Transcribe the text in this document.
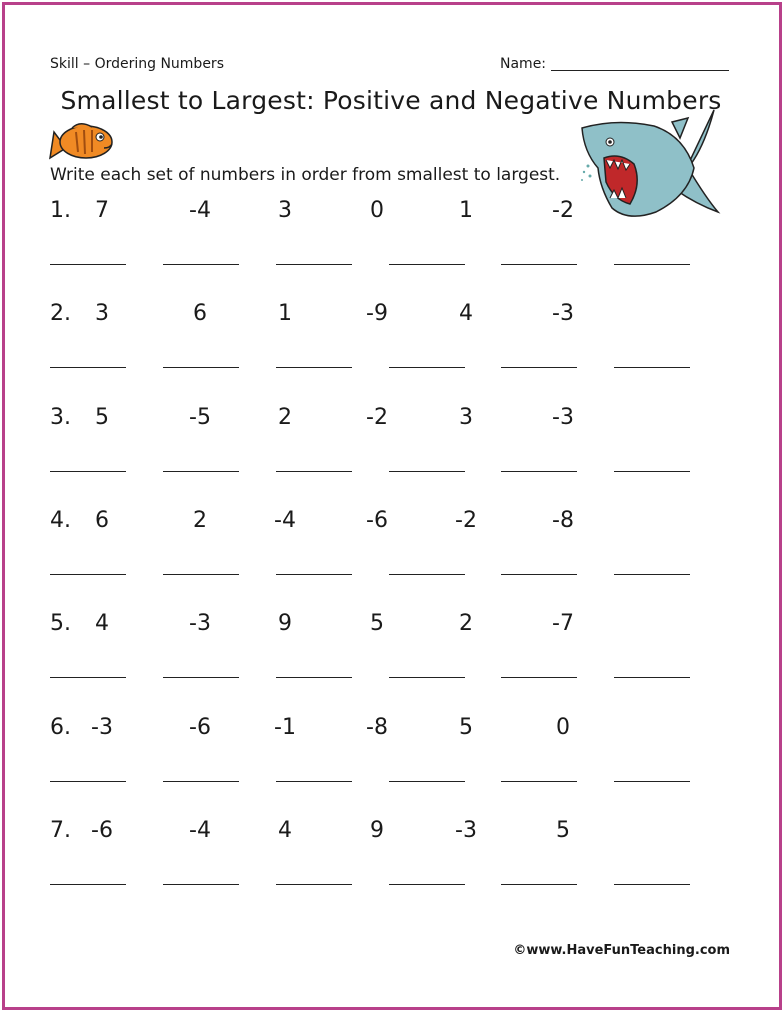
Skill – Ordering Numbers	Name:
Smallest to Largest: Positive and Negative Numbers
Write each set of numbers in order from smallest to largest.
1. 7	-4	3	0	1	-2
2. 3	6	1	-9	4	-3
3. 5	-5	2	-2	3	-3
4. 6	2	-4	-6	-2	-8
5. 4	-3	9	5	2	-7
6. -3	-6	-1	-8	5	0
7. -6	-4	4	9	-3	5
©www.HaveFunTeaching.com
